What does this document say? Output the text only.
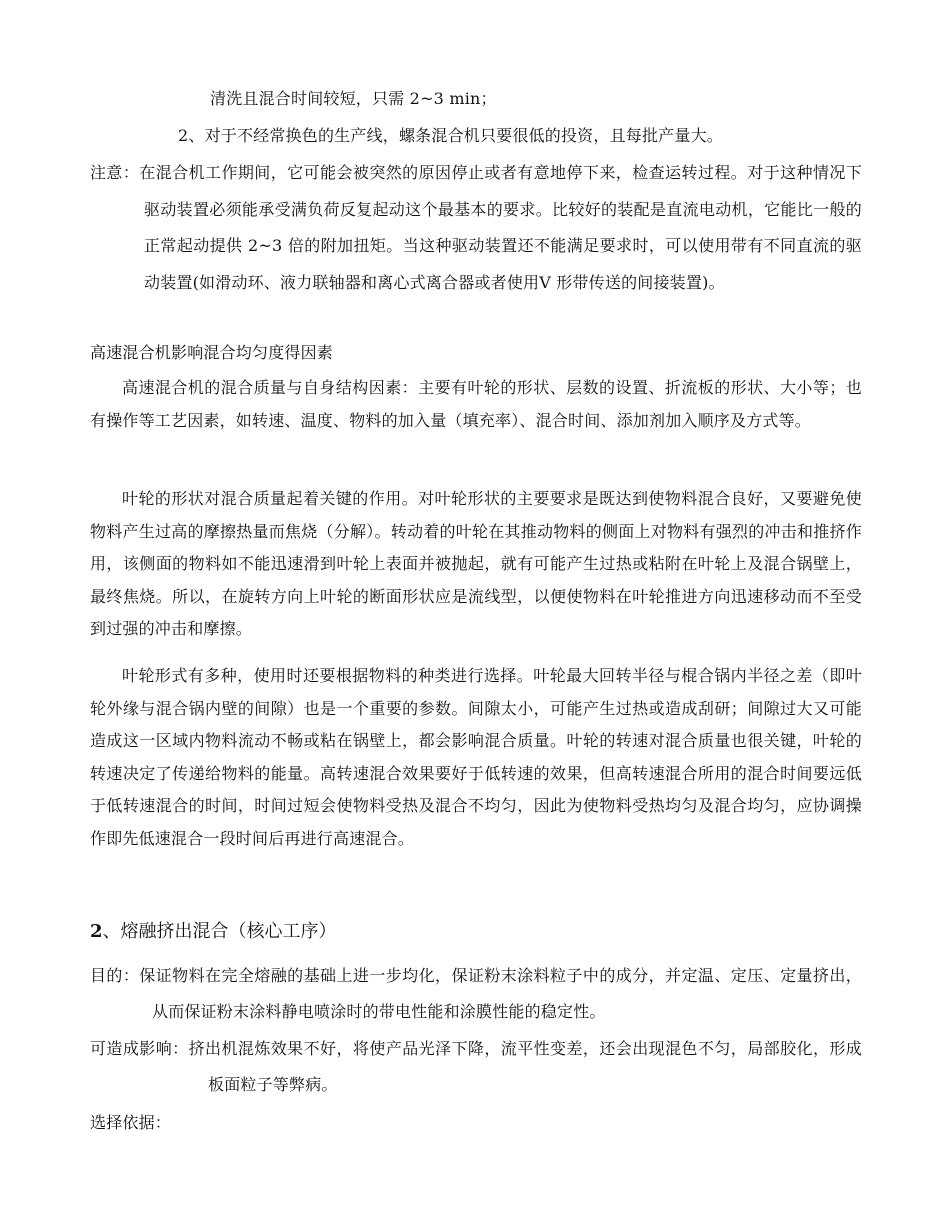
清洗且混合时间较短，只需 2~3 min；
2、对于不经常换色的生产线，螺条混合机只要很低的投资，且每批产量大。
注意：在混合机工作期间，它可能会被突然的原因停止或者有意地停下来，检查运转过程。对于这种情况下驱动装置必须能承受满负荷反复起动这个最基本的要求。比较好的装配是直流电动机，它能比一般的正常起动提供 2~3 倍的附加扭矩。当这种驱动装置还不能满足要求时，可以使用带有不同直流的驱动装置(如滑动环、液力联轴器和离心式离合器或者使用V 形带传送的间接装置)。
高速混合机影响混合均匀度得因素
高速混合机的混合质量与自身结构因素：主要有叶轮的形状、层数的设置、折流板的形状、大小等；也有操作等工艺因素，如转速、温度、物料的加入量（填充率）、混合时间、添加剂加入顺序及方式等。
叶轮的形状对混合质量起着关键的作用。对叶轮形状的主要要求是既达到使物料混合良好，又要避免使物料产生过高的摩擦热量而焦烧（分解）。转动着的叶轮在其推动物料的侧面上对物料有强烈的冲击和推挤作用，该侧面的物料如不能迅速滑到叶轮上表面并被抛起，就有可能产生过热或粘附在叶轮上及混合锅壁上，最终焦烧。所以，在旋转方向上叶轮的断面形状应是流线型，以便使物料在叶轮推进方向迅速移动而不至受到过强的冲击和摩擦。
叶轮形式有多种，使用时还要根据物料的种类进行选择。叶轮最大回转半径与棍合锅内半径之差（即叶轮外缘与混合锅内壁的间隙）也是一个重要的参数。间隙太小，可能产生过热或造成刮研；间隙过大又可能造成这一区域内物料流动不畅或粘在锅壁上，都会影响混合质量。叶轮的转速对混合质量也很关键，叶轮的转速决定了传递给物料的能量。高转速混合效果要好于低转速的效果，但高转速混合所用的混合时间要远低于低转速混合的时间，时间过短会使物料受热及混合不均匀，因此为使物料受热均匀及混合均匀，应协调操作即先低速混合一段时间后再进行高速混合。
2、熔融挤出混合（核心工序）
目的：保证物料在完全熔融的基础上进一步均化，保证粉末涂料粒子中的成分，并定温、定压、定量挤出，从而保证粉末涂料静电喷涂时的带电性能和涂膜性能的稳定性。
可造成影响：挤出机混炼效果不好，将使产品光泽下降，流平性变差，还会出现混色不匀，局部胶化，形成板面粒子等弊病。
选择依据：
